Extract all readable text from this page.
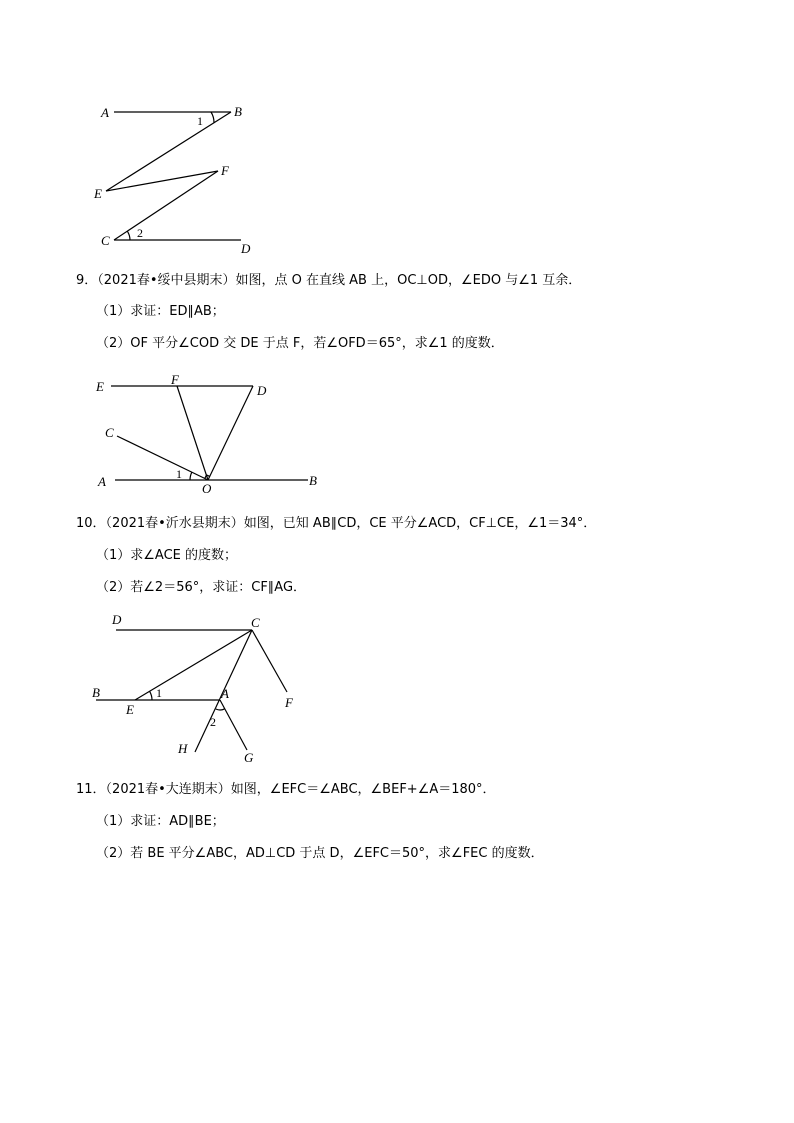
A	B
E
F
C
D
1
2
9．（2021春•绥中县期末）如图，点 O 在直线 AB 上，OC⊥OD，∠EDO 与∠1 互余．
（1）求证：ED∥AB；
（2）OF 平分∠COD 交 DE 于点 F，若∠OFD＝65°，求∠1 的度数．
E	F
D
C
A	O
B
1
10．（2021春•沂水县期末）如图，已知 AB∥CD，CE 平分∠ACD，CF⊥CE，∠1＝34°．
（1）求∠ACE 的度数；
（2）若∠2＝56°，求证：CF∥AG．
D	C
B
E
A
F
H
G
1
2
11．（2021春•大连期末）如图，∠EFC＝∠ABC，∠BEF+∠A＝180°．
（1）求证：AD∥BE；
（2）若 BE 平分∠ABC，AD⊥CD 于点 D，∠EFC＝50°，求∠FEC 的度数．
